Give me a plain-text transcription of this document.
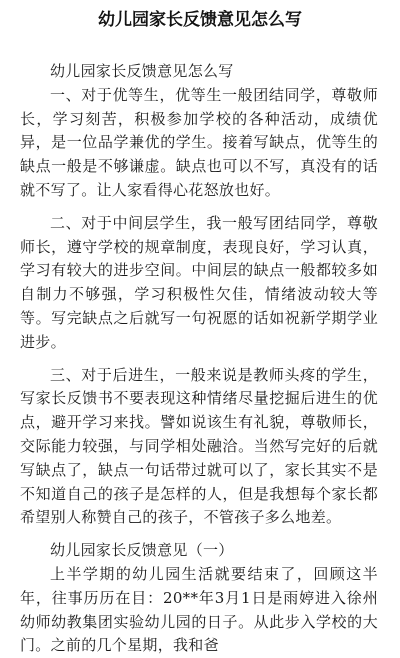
幼儿园家长反馈意见怎么写

幼儿园家长反馈意见怎么写

一、对于优等生，优等生一般团结同学，尊敬师长，学习刻苦，积极参加学校的各种活动，成绩优异，是一位品学兼优的学生。接着写缺点，优等生的缺点一般是不够谦虚。缺点也可以不写，真没有的话就不写了。让人家看得心花怒放也好。

二、对于中间层学生，我一般写团结同学，尊敬师长，遵守学校的规章制度，表现良好，学习认真，学习有较大的进步空间。中间层的缺点一般都较多如自制力不够强，学习积极性欠佳，情绪波动较大等等。写完缺点之后就写一句祝愿的话如祝新学期学业进步。

三、对于后进生，一般来说是教师头疼的学生，写家长反馈书不要表现这种情绪尽量挖掘后进生的优点，避开学习来找。譬如说该生有礼貌，尊敬师长，交际能力较强，与同学相处融洽。当然写完好的后就写缺点了，缺点一句话带过就可以了，家长其实不是不知道自己的孩子是怎样的人，但是我想每个家长都希望别人称赞自己的孩子，不管孩子多么地差。

幼儿园家长反馈意见（一）

上半学期的幼儿园生活就要结束了，回顾这半年，往事历历在目：20**年3月1日是雨婷进入徐州幼师幼教集团实验幼儿园的日子。从此步入学校的大门。之前的几个星期，我和爸
